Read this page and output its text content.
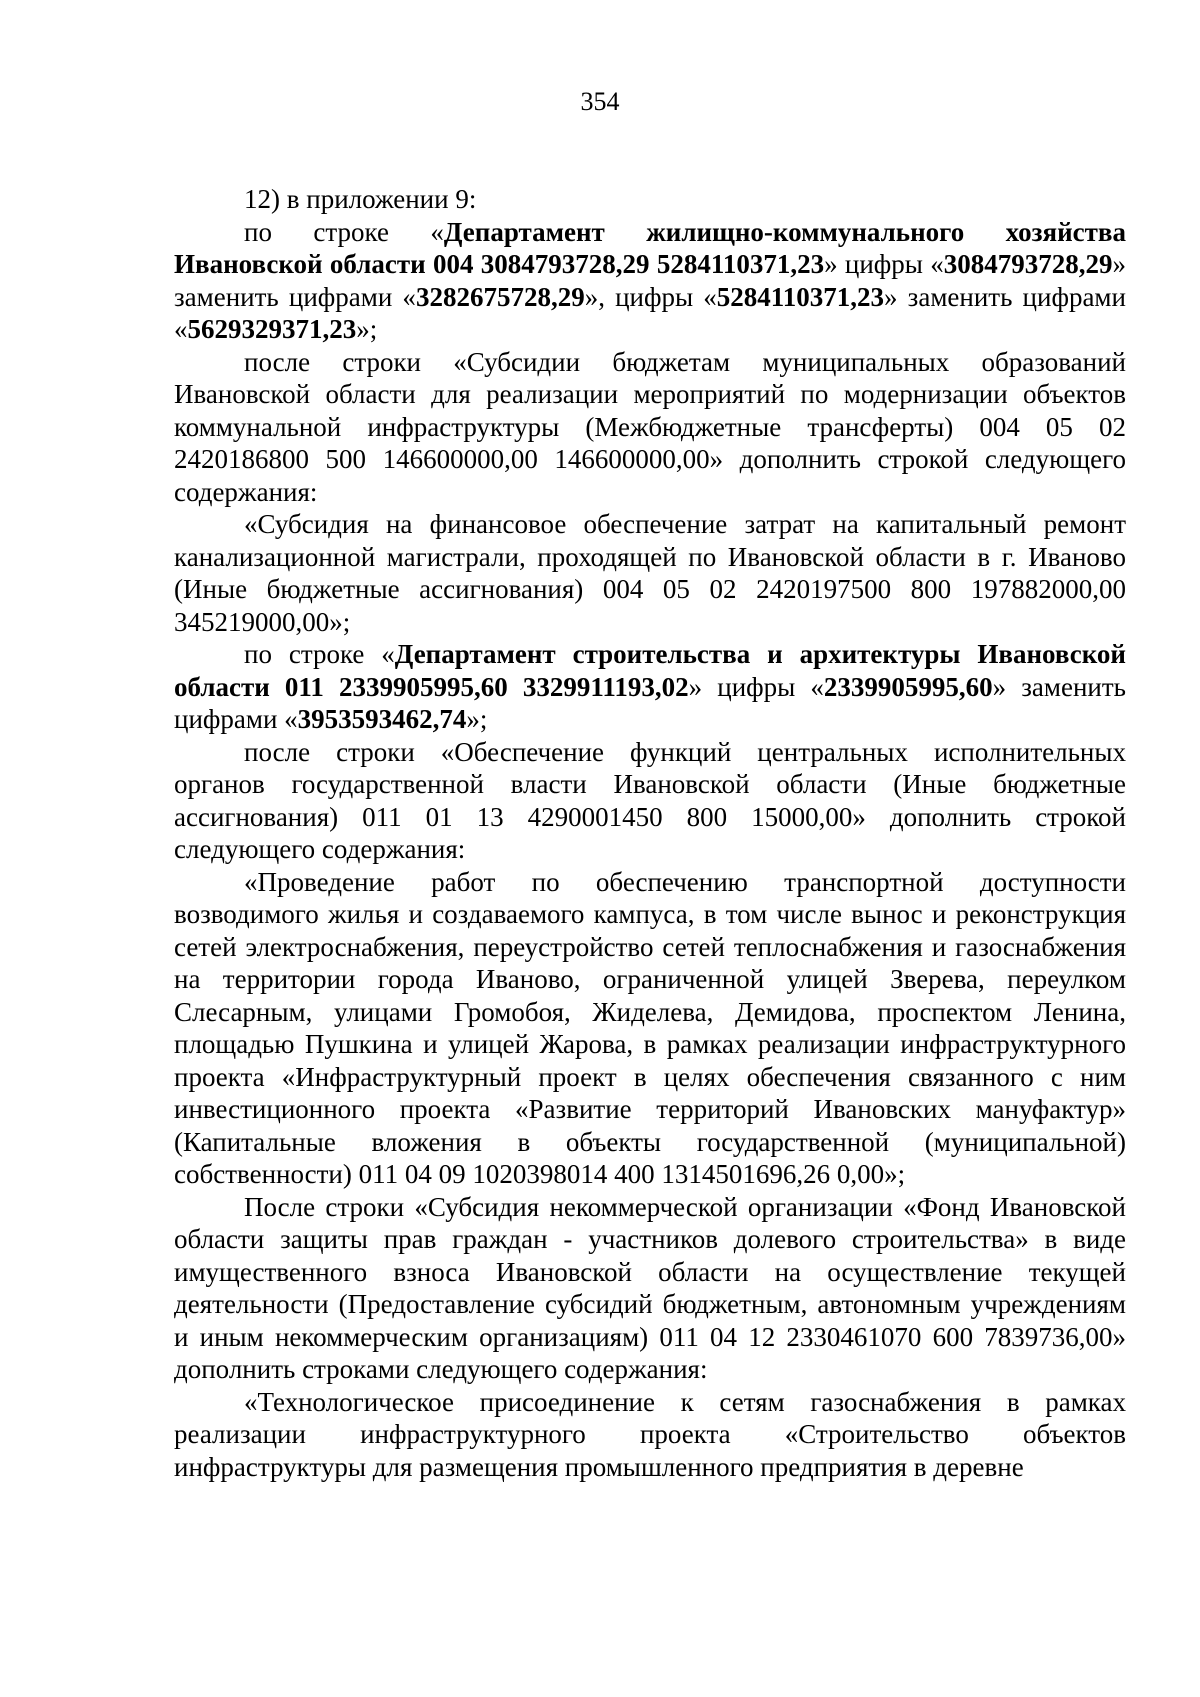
354

12) в приложении 9:

по строке «Департамент жилищно-коммунального хозяйства Ивановской области 004 3084793728,29 5284110371,23» цифры «3084793728,29» заменить цифрами «3282675728,29», цифры «5284110371,23» заменить цифрами «5629329371,23»;

после строки «Субсидии бюджетам муниципальных образований Ивановской области для реализации мероприятий по модернизации объектов коммунальной инфраструктуры (Межбюджетные трансферты) 004 05 02 2420186800 500 146600000,00 146600000,00» дополнить строкой следующего содержания:

«Субсидия на финансовое обеспечение затрат на капитальный ремонт канализационной магистрали, проходящей по Ивановской области в г. Иваново (Иные бюджетные ассигнования) 004 05 02 2420197500 800 197882000,00 345219000,00»;

по строке «Департамент строительства и архитектуры Ивановской области 011 2339905995,60 3329911193,02» цифры «2339905995,60» заменить цифрами «3953593462,74»;

после строки «Обеспечение функций центральных исполнительных органов государственной власти Ивановской области (Иные бюджетные ассигнования) 011 01 13 4290001450 800 15000,00» дополнить строкой следующего содержания:

«Проведение работ по обеспечению транспортной доступности возводимого жилья и создаваемого кампуса, в том числе вынос и реконструкция сетей электроснабжения, переустройство сетей теплоснабжения и газоснабжения на территории города Иваново, ограниченной улицей Зверева, переулком Слесарным, улицами Громобоя, Жиделева, Демидова, проспектом Ленина, площадью Пушкина и улицей Жарова, в рамках реализации инфраструктурного проекта «Инфраструктурный проект в целях обеспечения связанного с ним инвестиционного проекта «Развитие территорий Ивановских мануфактур» (Капитальные вложения в объекты государственной (муниципальной) собственности) 011 04 09 1020398014 400 1314501696,26 0,00»;

После строки «Субсидия некоммерческой организации «Фонд Ивановской области защиты прав граждан - участников долевого строительства» в виде имущественного взноса Ивановской области на осуществление текущей деятельности (Предоставление субсидий бюджетным, автономным учреждениям и иным некоммерческим организациям) 011 04 12 2330461070 600 7839736,00» дополнить строками следующего содержания:

«Технологическое присоединение к сетям газоснабжения в рамках реализации инфраструктурного проекта «Строительство объектов инфраструктуры для размещения промышленного предприятия в деревне
